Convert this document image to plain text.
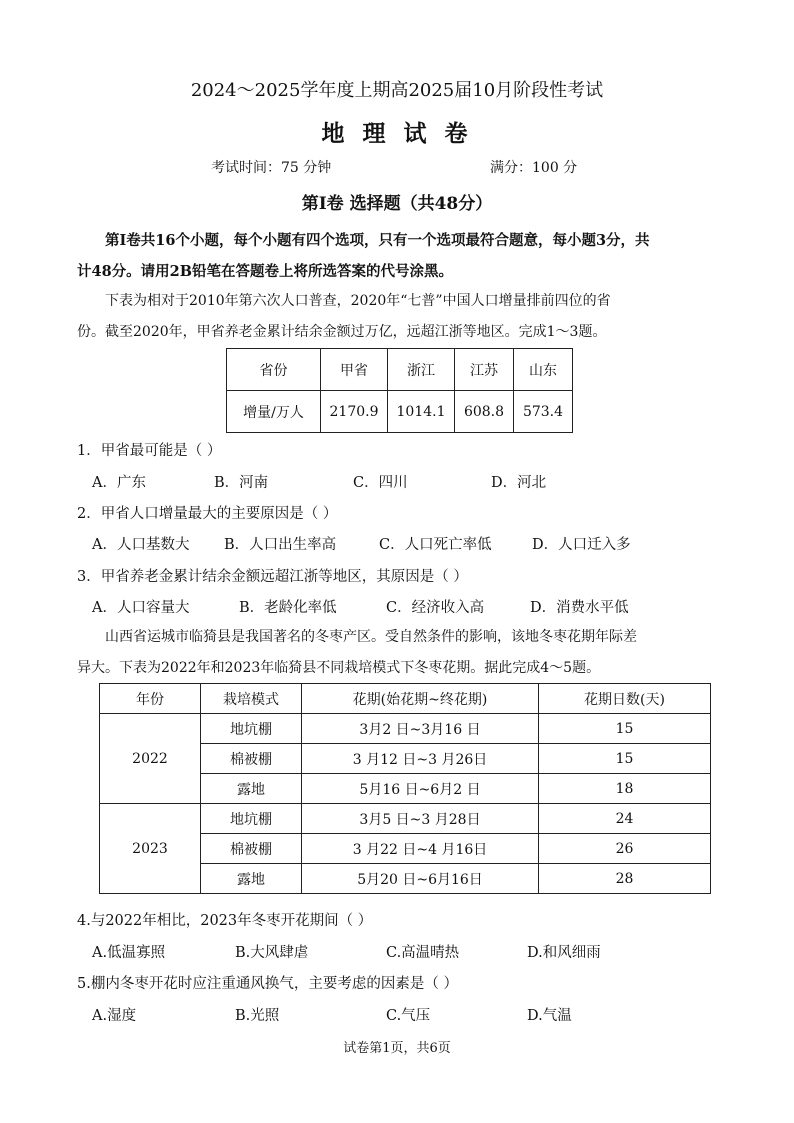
2024～2025学年度上期高2025届10月阶段性考试
地 理 试 卷
考试时间：75 分钟	满分：100 分
第Ⅰ卷 选择题（共48分）
第Ⅰ卷共16个小题，每个小题有四个选项，只有一个选项最符合题意，每小题3分，共
计48分。请用2B铅笔在答题卷上将所选答案的代号涂黑。
下表为相对于2010年第六次人口普查，2020年“七普”中国人口增量排前四位的省
份。截至2020年，甲省养老金累计结余金额过万亿，远超江浙等地区。完成1～3题。
省份	甲省	浙江	江苏	山东
增量/万人	2170.9	1014.1	608.8	573.4
1．甲省最可能是（ ）
A．广东	B．河南	C．四川	D．河北
2．甲省人口增量最大的主要原因是（ ）
A．人口基数大 B．人口出生率高	C．人口死亡率低	D．人口迁入多
3．甲省养老金累计结余金额远超江浙等地区，其原因是（ ）
A．人口容量大	B．老龄化率低	C．经济收入高	D．消费水平低
山西省运城市临猗县是我国著名的冬枣产区。受自然条件的影响，该地冬枣花期年际差
异大。下表为2022年和2023年临猗县不同栽培模式下冬枣花期。据此完成4～5题。
年份	栽培模式	花期(始花期~终花期)	花期日数(天)
2022	地坑棚	3月2 日~3月16 日	15
	棉被棚	3 月12 日~3 月26日	15
	露地	5月16 日~6月2 日	18
2023	地坑棚	3月5 日~3 月28日	24
	棉被棚	3 月22 日~4 月16日	26
	露地	5月20 日~6月16日	28
4.与2022年相比，2023年冬枣开花期间（ ）
A.低温寡照	B.大风肆虐	C.高温晴热	D.和风细雨
5.棚内冬枣开花时应注重通风换气，主要考虑的因素是（ ）
A.湿度	B.光照	C.气压	D.气温
试卷第1页，共6页
